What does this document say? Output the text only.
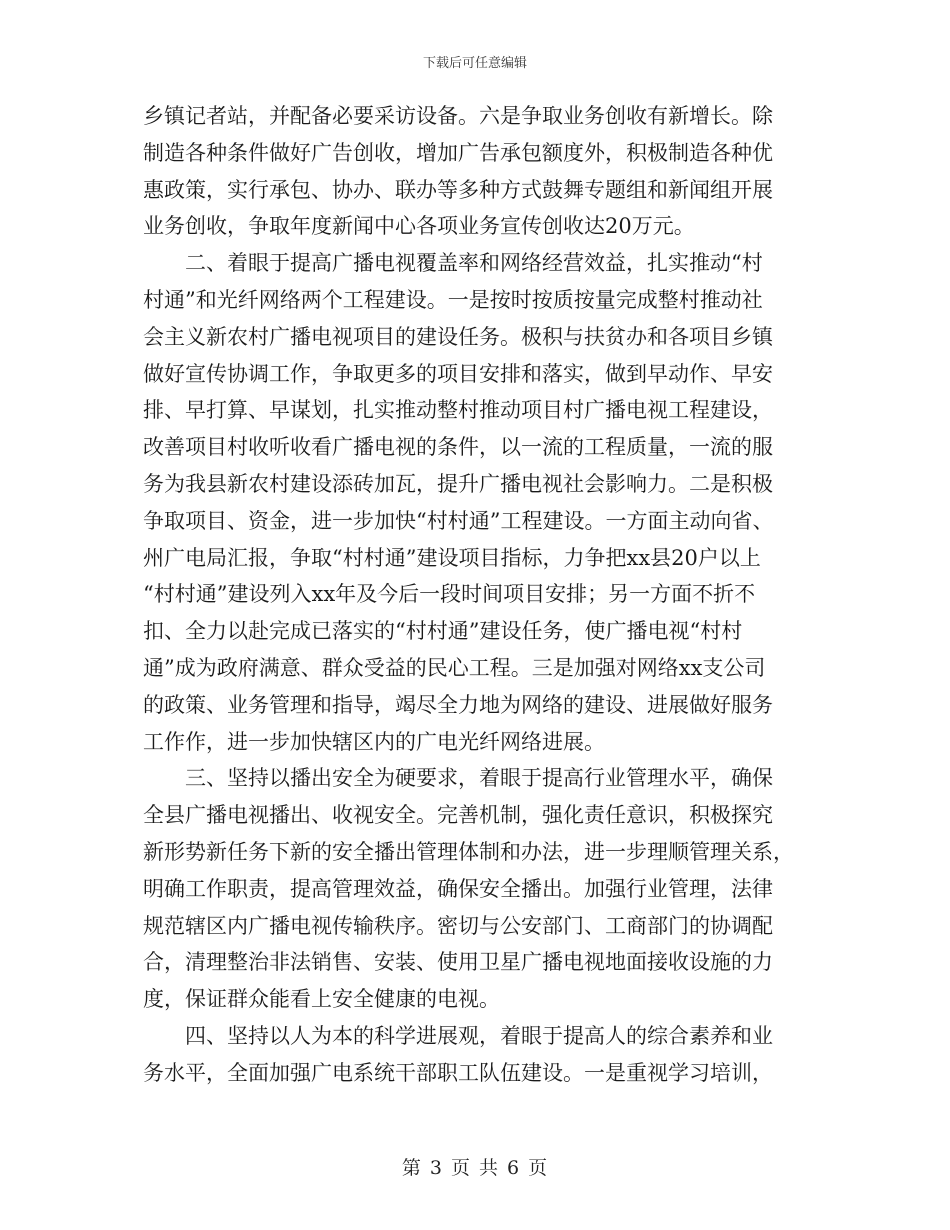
下载后可任意编辑
乡镇记者站，并配备必要采访设备。六是争取业务创收有新增长。除
制造各种条件做好广告创收，增加广告承包额度外，积极制造各种优
惠政策，实行承包、协办、联办等多种方式鼓舞专题组和新闻组开展
业务创收，争取年度新闻中心各项业务宣传创收达20万元。
二、着眼于提高广播电视覆盖率和网络经营效益，扎实推动“村
村通”和光纤网络两个工程建设。一是按时按质按量完成整村推动社
会主义新农村广播电视项目的建设任务。极积与扶贫办和各项目乡镇
做好宣传协调工作，争取更多的项目安排和落实，做到早动作、早安
排、早打算、早谋划，扎实推动整村推动项目村广播电视工程建设，
改善项目村收听收看广播电视的条件，以一流的工程质量，一流的服
务为我县新农村建设添砖加瓦，提升广播电视社会影响力。二是积极
争取项目、资金，进一步加快“村村通”工程建设。一方面主动向省、
州广电局汇报，争取“村村通”建设项目指标，力争把xx县20户以上
“村村通”建设列入xx年及今后一段时间项目安排；另一方面不折不
扣、全力以赴完成已落实的“村村通”建设任务，使广播电视“村村
通”成为政府满意、群众受益的民心工程。三是加强对网络xx支公司
的政策、业务管理和指导，竭尽全力地为网络的建设、进展做好服务
工作作，进一步加快辖区内的广电光纤网络进展。
三、坚持以播出安全为硬要求，着眼于提高行业管理水平，确保
全县广播电视播出、收视安全。完善机制，强化责任意识，积极探究
新形势新任务下新的安全播出管理体制和办法，进一步理顺管理关系，
明确工作职责，提高管理效益，确保安全播出。加强行业管理，法律
规范辖区内广播电视传输秩序。密切与公安部门、工商部门的协调配
合，清理整治非法销售、安装、使用卫星广播电视地面接收设施的力
度，保证群众能看上安全健康的电视。
四、坚持以人为本的科学进展观，着眼于提高人的综合素养和业
务水平，全面加强广电系统干部职工队伍建设。一是重视学习培训，
第 3 页 共 6 页
